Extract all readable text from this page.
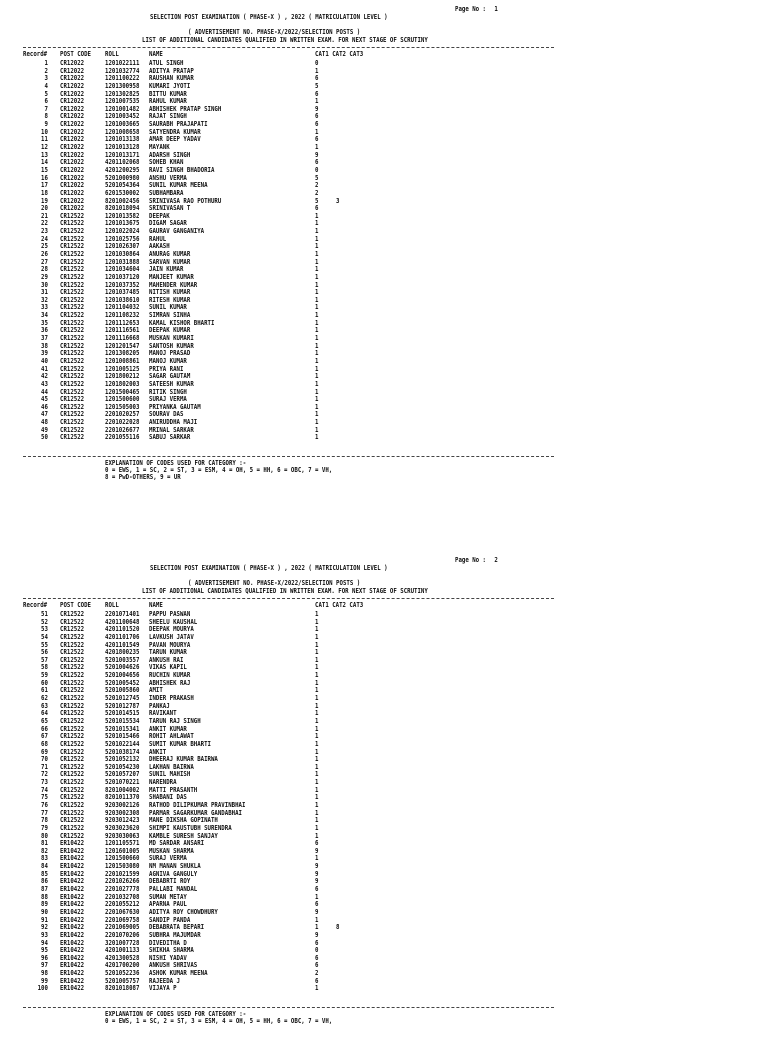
Page No : 1
SELECTION POST EXAMINATION ( PHASE-X ) , 2022 ( MATRICULATION LEVEL )
( ADVERTISEMENT NO. PHASE-X/2022/SELECTION POSTS )
LIST OF ADDITIONAL CANDIDATES QUALIFIED IN WRITTEN EXAM. FOR NEXT STAGE OF SCRUTINY
Record# POST CODE ROLL	NAME	CAT1 CAT2 CAT3
1 CR12022	1201022111 ATUL SINGH	0
2 CR12022	1201032774 ADITYA PRATAP	1
3 CR12022	1201100222 RAUSHAN KUMAR	6
4 CR12022	1201300958 KUMARI JYOTI	5
5 CR12022	1201302825 BITTU KUMAR	6
6 CR12022	1201007535 RAHUL KUMAR	1
7 CR12022	1201001482 ABHISHEK PRATAP SINGH	9
8 CR12022	1201003452 RAJAT SINGH	6
9 CR12022	1201003665 SAURABH PRAJAPATI	6
10 CR12022	1201008658 SATYENDRA KUMAR	1
11 CR12022	1201013138 AMAR DEEP YADAV	6
12 CR12022	1201013128 MAYANK	1
13 CR12022	1201013171 ADARSH SINGH	9
14 CR12022	4201102068 SOHEB KHAN	6
15 CR12022	4201200295 RAVI SINGH BHADORIA	0
16 CR12022	5201000980 ANSHU VERMA	5
17 CR12022	5201054364 SUNIL KUMAR MEENA	2
18 CR12022	6201530002 SUBHAMBARA	2
19 CR12022	8201002456 SRINIVASA RAO POTHURU	5	3
20 CR12022	8201018094 SRINIVASAN T	6
21 CR12522	1201013582 DEEPAK	1
22 CR12522	1201013675 DIGAM SAGAR	1
23 CR12522	1201022024 GAURAV GANGANIYA	1
24 CR12522	1201025756 RAHUL	1
25 CR12522	1201026307 AAKASH	1
26 CR12522	1201030864 ANURAG KUMAR	1
27 CR12522	1201031888 SARVAN KUMAR	1
28 CR12522	1201034604 JAIN KUMAR	1
29 CR12522	1201037120 MANJEET KUMAR	1
30 CR12522	1201037352 MAHENDER KUMAR	1
31 CR12522	1201037485 NITISH KUMAR	1
32 CR12522	1201038610 RITESH KUMAR	1
33 CR12522	1201104032 SUNIL KUMAR	1
34 CR12522	1201108232 SIMRAN SINHA	1
35 CR12522	1201112653 KAMAL KISHOR BHARTI	1
36 CR12522	1201116561 DEEPAK KUMAR	1
37 CR12522	1201116668 MUSKAN KUMARI	1
38 CR12522	1201201547 SANTOSH KUMAR	1
39 CR12522	1201308205 MANOJ PRASAD	1
40 CR12522	1201008861 MANOJ KUMAR	1
41 CR12522	1201005125 PRIYA RANI	1
42 CR12522	1201800212 SAGAR GAUTAM	1
43 CR12522	1201802003 SATEESH KUMAR	1
44 CR12522	1201500465 RITIK SINGH	1
45 CR12522	1201500600 SURAJ VERMA	1
46 CR12522	1201505003 PRIYANKA GAUTAM	1
47 CR12522	2201020257 SOURAV DAS	1
48 CR12522	2201022028 ANIRUDDHA MAJI	1
49 CR12522	2201026677 MRINAL SARKAR	1
50 CR12522	2201055116 SABUJ SARKAR	1
EXPLANATION OF CODES USED FOR CATEGORY :-
0 = EWS, 1 = SC, 2 = ST, 3 = ESM, 4 = OH, 5 = HH, 6 = OBC, 7 = VH,
8 = PwD-OTHERS, 9 = UR
Page No : 2
SELECTION POST EXAMINATION ( PHASE-X ) , 2022 ( MATRICULATION LEVEL )
( ADVERTISEMENT NO. PHASE-X/2022/SELECTION POSTS )
LIST OF ADDITIONAL CANDIDATES QUALIFIED IN WRITTEN EXAM. FOR NEXT STAGE OF SCRUTINY
Record# POST CODE ROLL	NAME	CAT1 CAT2 CAT3
51 CR12522	2201071401 PAPPU PASWAN	1
52 CR12522	4201100648 SHEELU KAUSHAL	1
53 CR12522	4201101520 DEEPAK MOURYA	1
54 CR12522	4201101706 LAVKUSH JATAV	1
55 CR12522	4201101549 PAVAN MOURYA	1
56 CR12522	4201800235 TARUN KUMAR	1
57 CR12522	5201003557 ANKUSH RAI	1
58 CR12522	5201004626 VIKAS KAPIL	1
59 CR12522	5201004656 RUCHIN KUMAR	1
60 CR12522	5201005452 ABHISHEK RAJ	1
61 CR12522	5201005860 AMIT	1
62 CR12522	5201012745 INDER PRAKASH	1
63 CR12522	5201012787 PANKAJ	1
64 CR12522	5201014515 RAVIKANT	1
65 CR12522	5201015534 TARUN RAJ SINGH	1
66 CR12522	5201015341 ANKIT KUMAR	1
67 CR12522	5201015466 ROHIT AHLAWAT	1
68 CR12522	5201022144 SUMIT KUMAR BHARTI	1
69 CR12522	5201038174 ANKIT	1
70 CR12522	5201052132 DHEERAJ KUMAR BAIRWA	1
71 CR12522	5201054230 LAKHAN BAIRWA	1
72 CR12522	5201057207 SUNIL MAHISH	1
73 CR12522	5201070221 NARENDRA	1
74 CR12522	8201004002 MATTI PRASANTH	1
75 CR12522	8201011370 SHABANI DAS	1
76 CR12522	9203002126 RATHOD DILIPKUMAR PRAVINBHAI	1
77 CR12522	9203002308 PARMAR SAGARKUMAR GANDABHAI	1
78 CR12522	9203012423 MANE DIKSHA GOPINATH	1
79 CR12522	9203023620 SHIMPI KAUSTUBH SURENDRA	1
80 CR12522	9203030063 KAMBLE SURESH SANJAY	1
81 ER10422	1201105571 MD SARDAR ANSARI	6
82 ER10422	1201601005 MUSKAN SHARMA	9
83 ER10422	1201500660 SURAJ VERMA	1
84 ER10422	1201503080 NM MANAN SHUKLA	9
85 ER10422	2201021599 AGNIVA GANGULY	9
86 ER10422	2201026266 DEBABRTI ROY	9
87 ER10422	2201027778 PALLABI MANDAL	6
88 ER10422	2201032708 SUMAN METAY	1
89 ER10422	2201055212 APARNA PAUL	6
90 ER10422	2201067630 ADITYA ROY CHOWDHURY	9
91 ER10422	2201069758 SANDIP PANDA	1
92 ER10422	2201069005 DEBABRATA BEPARI	1	8
93 ER10422	2201070206 SUBHRA MAJUMDAR	9
94 ER10422	3201007728 DIVEDITHA D	6
95 ER10422	4201001133 SHIKHA SHARMA	0
96 ER10422	4201300528 NISHI YADAV	6
97 ER10422	4201700200 ANKUSH SHRIVAS	6
98 ER10422	5201052236 ASHOK KUMAR MEENA	2
99 ER10422	5201005757 RAJEEDA J	6
100 ER10422	8201018087 VIJAYA P	1
EXPLANATION OF CODES USED FOR CATEGORY :-
0 = EWS, 1 = SC, 2 = ST, 3 = ESM, 4 = OH, 5 = HH, 6 = OBC, 7 = VH,
